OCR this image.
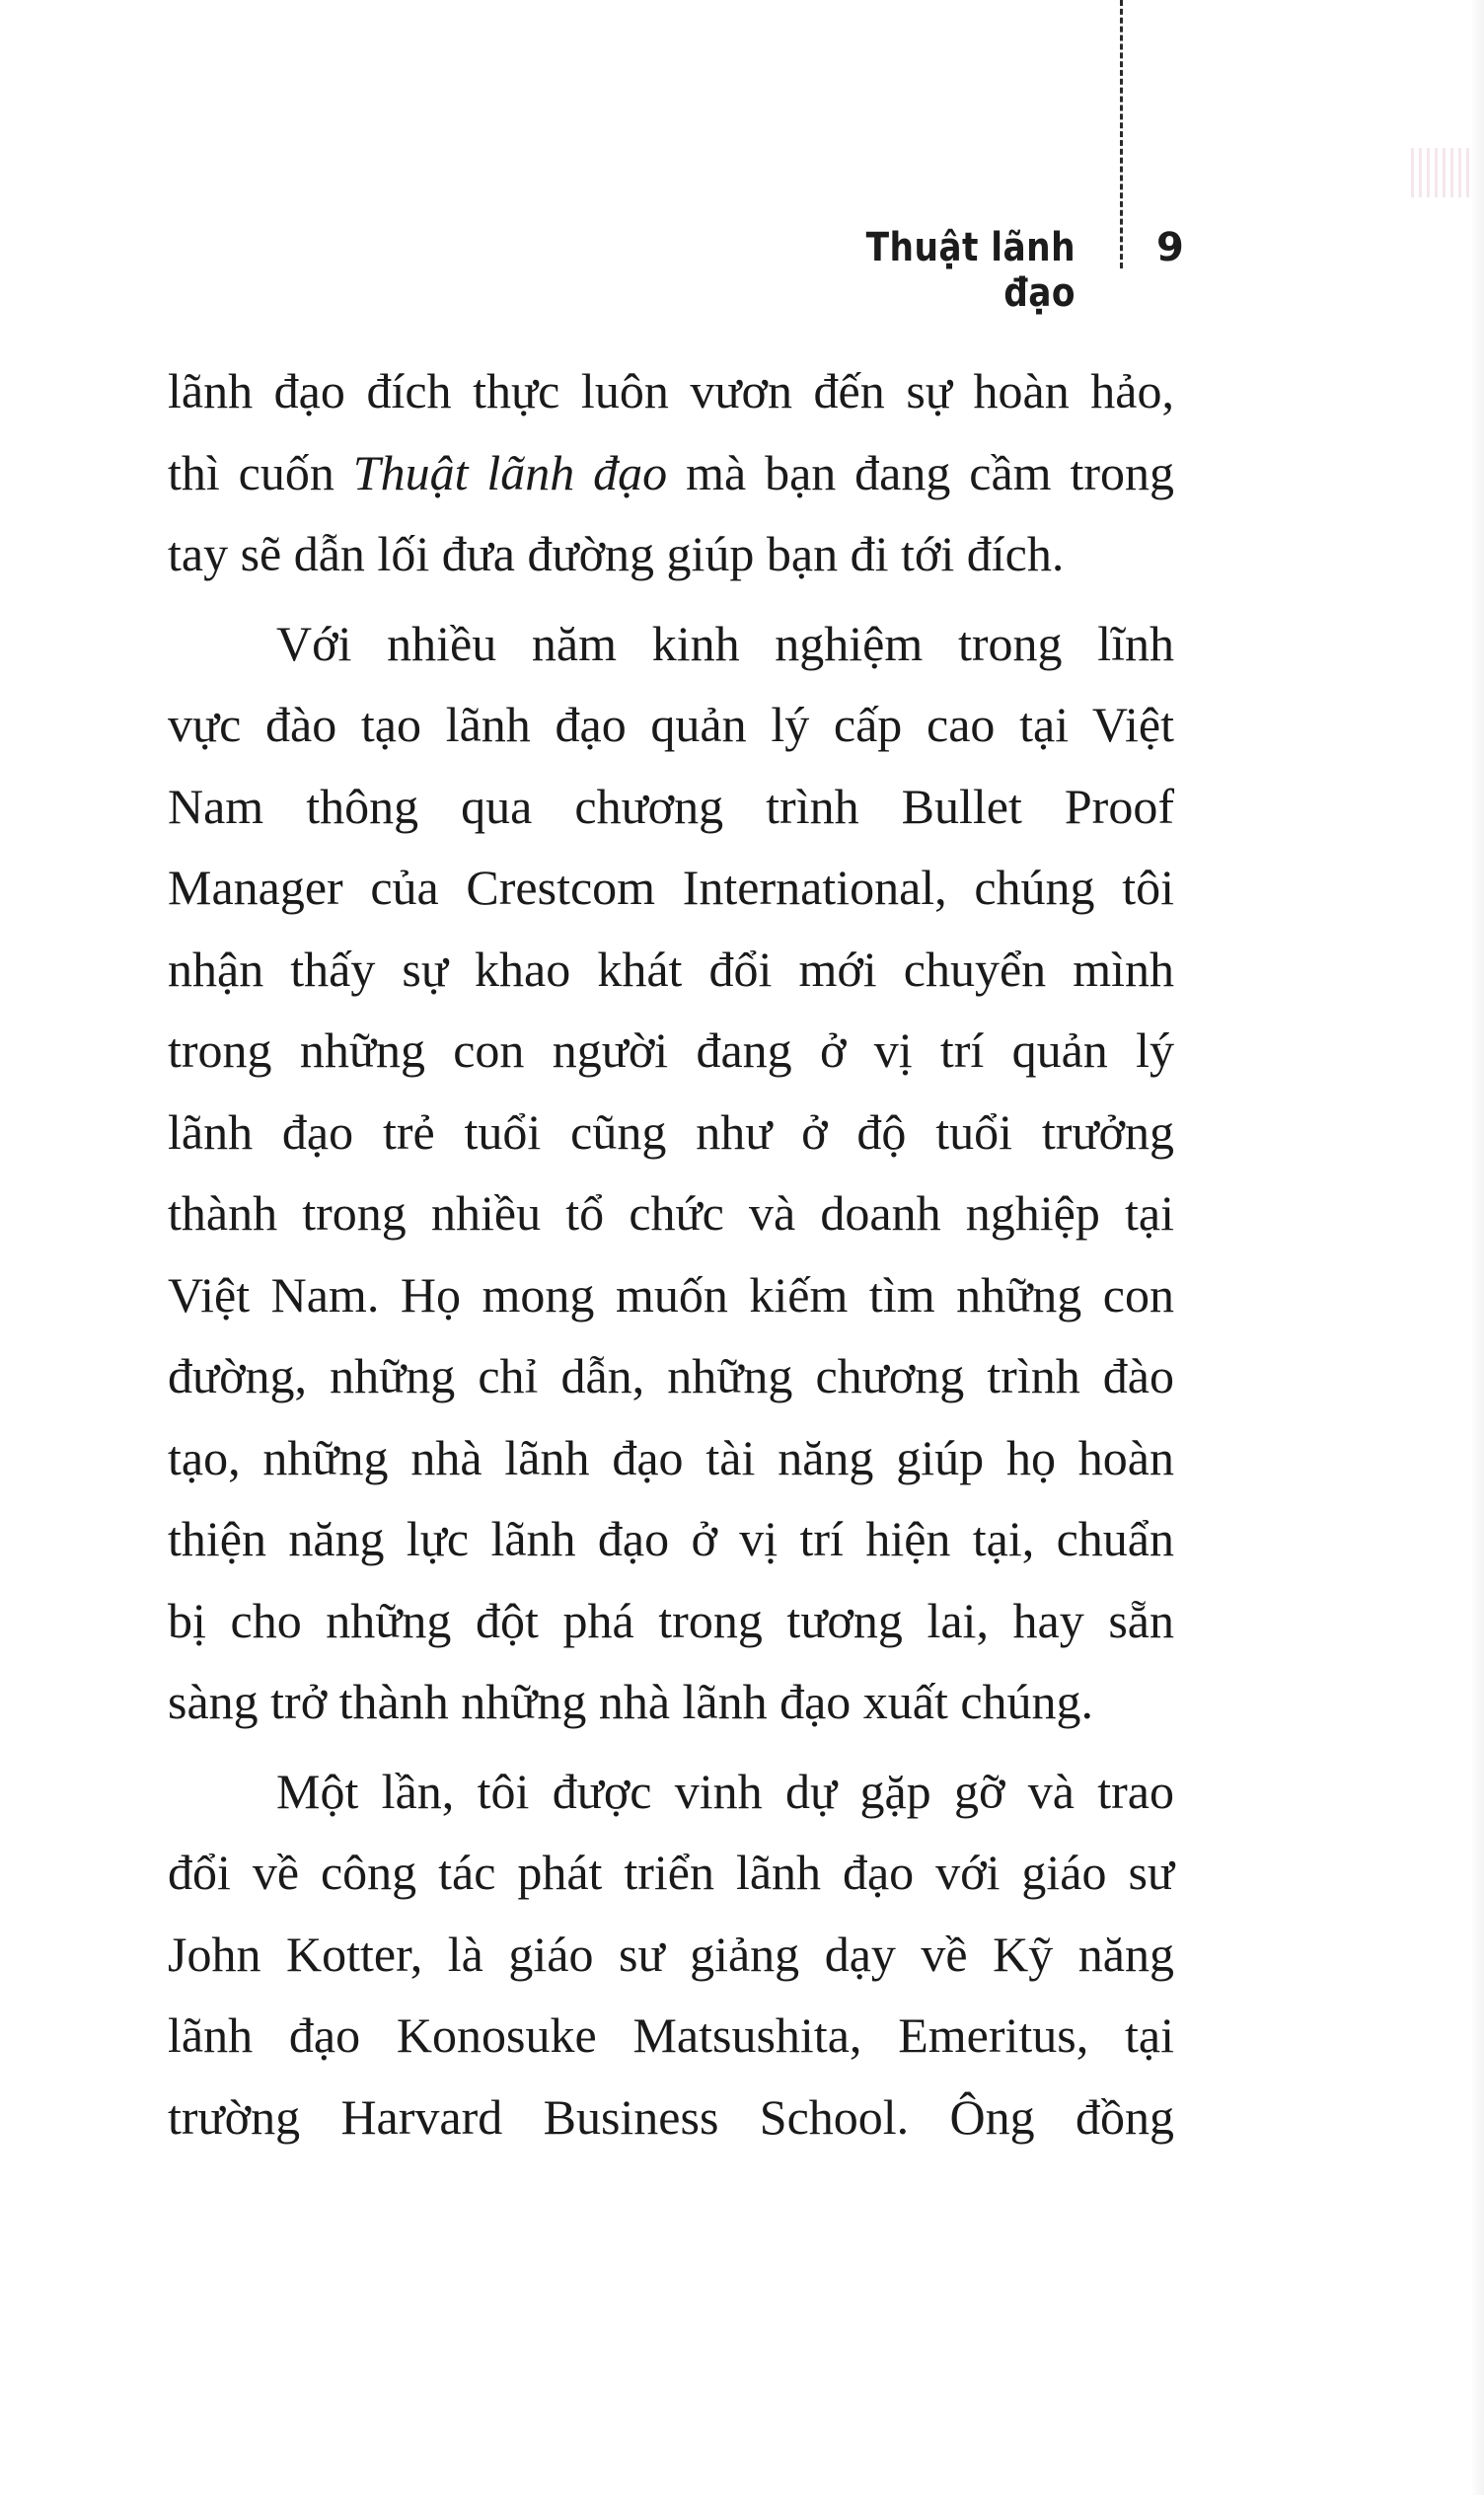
Thuật lãnh đạo
9
lãnh đạo đích thực luôn vươn đến sự hoàn hảo,
thì cuốn Thuật lãnh đạo mà bạn đang cầm trong
tay sẽ dẫn lối đưa đường giúp bạn đi tới đích.
Với nhiều năm kinh nghiệm trong lĩnh
vực đào tạo lãnh đạo quản lý cấp cao tại Việt
Nam thông qua chương trình Bullet Proof
Manager của Crestcom International, chúng tôi
nhận thấy sự khao khát đổi mới chuyển mình
trong những con người đang ở vị trí quản lý
lãnh đạo trẻ tuổi cũng như ở độ tuổi trưởng
thành trong nhiều tổ chức và doanh nghiệp tại
Việt Nam. Họ mong muốn kiếm tìm những con
đường, những chỉ dẫn, những chương trình đào
tạo, những nhà lãnh đạo tài năng giúp họ hoàn
thiện năng lực lãnh đạo ở vị trí hiện tại, chuẩn
bị cho những đột phá trong tương lai, hay sẵn
sàng trở thành những nhà lãnh đạo xuất chúng.
Một lần, tôi được vinh dự gặp gỡ và trao
đổi về công tác phát triển lãnh đạo với giáo sư
John Kotter, là giáo sư giảng dạy về Kỹ năng
lãnh đạo Konosuke Matsushita, Emeritus, tại
trường Harvard Business School. Ông đồng
